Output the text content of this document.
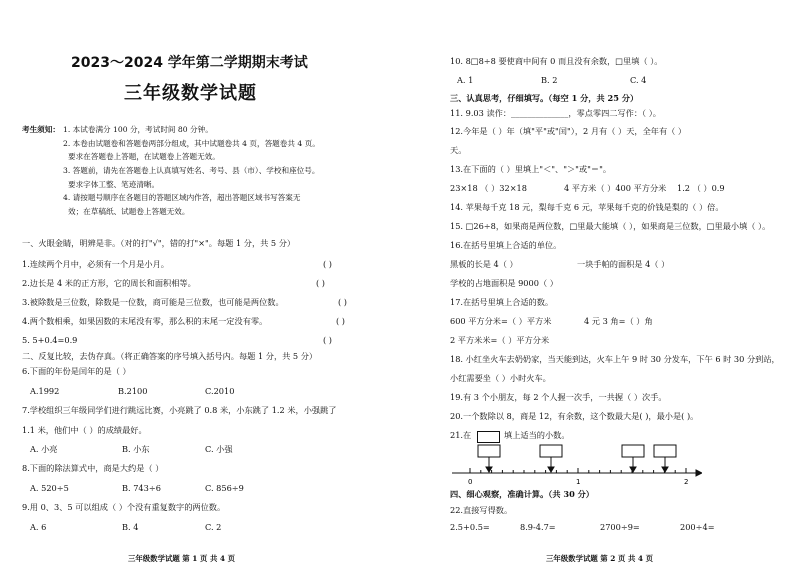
2023～2024 学年第二学期期末考试
三年级数学试题
考生须知： 1. 本试卷满分 100 分，考试时间 80 分钟。
2. 本卷由试题卷和答题卷两部分组成，其中试题卷共 4 页，答题卷共 4 页。
要求在答题卷上答题，在试题卷上答题无效。
3. 答题前，请先在答题卷上认真填写姓名、考号、县（市）、学校和座位号。
要求字体工整、笔迹清晰。
4. 请按题号顺序在各题目的答题区域内作答，超出答题区域书写答案无
效；在草稿纸、试题卷上答题无效。
一、火眼金睛，明辨是非。（对的打"√"，错的打"×"。每题 1 分，共 5 分）
1.连续两个月中，必须有一个月是小月。	( )
2.边长是 4 米的正方形，它的周长和面积相等。	( )
3.被除数是三位数，除数是一位数，商可能是三位数，也可能是两位数。	( )
4.两个数相乘，如果因数的末尾没有零，那么积的末尾一定没有零。	( )
5. 5+0.4=0.9	( )
二、反复比较，去伪存真。（将正确答案的序号填入括号内。每题 1 分，共 5 分）
6.下面的年份是闰年的是（ ）
A.1992	B.2100	C.2010
7.学校组织三年级同学们进行跳远比赛，小亮跳了 0.8 米，小东跳了 1.2 米，小强跳了
1.1 米，他们中（ ）的成绩最好。
A. 小亮	B. 小东	C. 小强
8.下面的除法算式中，商是大约是（ ）
A. 520÷5	B. 743÷6	C. 856÷9
9.用 0、3、5 可以组成（ ）个没有重复数字的两位数。
A. 6	B. 4	C. 2
三年级数学试题 第 1 页 共 4 页
10. 8□8÷8 要使商中间有 0 而且没有余数，□里填（ ）。
A. 1	B. 2	C. 4
三、认真思考，仔细填写。（每空 1 分，共 25 分）
11. 9.03 读作：______________，零点零四二写作：（ ）。
12.今年是（ ）年（填"平"或"闰"），2 月有（ ）天，全年有（ ）
天。
13.在下面的（ ）里填上"＜"、"＞"或"＝"。
23×18 （ ）32×18	4 平方米（ ）400 平方分米 1.2 （ ）0.9
14. 苹果每千克 18 元，梨每千克 6 元，苹果每千克的价钱是梨的（ ）倍。
15. □26÷8，如果商是两位数，□里最大能填（ ），如果商是三位数，□里最小填（ ）。
16.在括号里填上合适的单位。
黑板的长是 4（ ）	一块手帕的面积是 4（ ）
学校的占地面积是 9000（ ）
17.在括号里填上合适的数。
600 平方分米=（ ）平方米	4 元 3 角=（ ）角
2 平方米米=（ ）平方分米
18. 小红坐火车去奶奶家，当天能到达，火车上午 9 时 30 分发车，下午 6 时 30 分到站，
小红需要坐（ ）小时火车。
19.有 3 个小朋友，每 2 个人握一次手，一共握（ ）次手。
20.一个数除以 8，商是 12，有余数，这个数最大是( )，最小是( )。
21.在	填上适当的小数。
四、细心观察，准确计算。（共 30 分）
22.直接写得数。
2.5+0.5=	8.9-4.7=	2700÷9=	200÷4=
三年级数学试题 第 2 页 共 4 页
0	1	2
